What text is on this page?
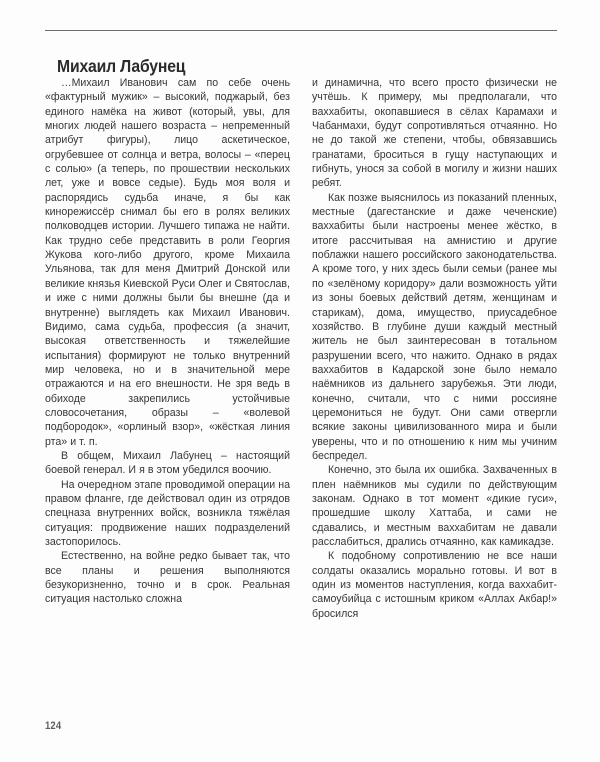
Михаил Лабунец

…Михаил Иванович сам по себе очень «фактурный мужик» – высокий, поджарый, без единого намёка на живот (который, увы, для многих людей нашего возраста – непременный атрибут фигуры), лицо аскетическое, огрубевшее от солнца и ветра, волосы – «перец с солью» (а теперь, по прошествии нескольких лет, уже и вовсе седые). Будь моя воля и распорядись судьба иначе, я бы как кинорежиссёр снимал бы его в ролях великих полководцев истории. Лучшего типажа не найти. Как трудно себе представить в роли Георгия Жукова кого-либо другого, кроме Михаила Ульянова, так для меня Дмитрий Донской или великие князья Киевской Руси Олег и Святослав, и иже с ними должны были бы внешне (да и внутренне) выглядеть как Михаил Иванович. Видимо, сама судьба, профессия (а значит, высокая ответственность и тяжелейшие испытания) формируют не только внутренний мир человека, но и в значительной мере отражаются и на его внешности. Не зря ведь в обиходе закрепились устойчивые словосочетания, образы – «волевой подбородок», «орлиный взор», «жёсткая линия рта» и т. п.

В общем, Михаил Лабунец – настоящий боевой генерал. И я в этом убедился воочию.

На очередном этапе проводимой операции на правом фланге, где действовал один из отрядов спецназа внутренних войск, возникла тяжёлая ситуация: продвижение наших подразделений застопорилось.

Естественно, на войне редко бывает так, что все планы и решения выполняются безукоризненно, точно и в срок. Реальная ситуация настолько сложна

и динамична, что всего просто физически не учтёшь. К примеру, мы предполагали, что ваххабиты, окопавшиеся в сёлах Карамахи и Чабанмахи, будут сопротивляться отчаянно. Но не до такой же степени, чтобы, обвязавшись гранатами, броситься в гущу наступающих и гибнуть, унося за собой в могилу и жизни наших ребят.

Как позже выяснилось из показаний пленных, местные (дагестанские и даже чеченские) ваххабиты были настроены менее жёстко, в итоге рассчитывая на амнистию и другие поблажки нашего российского законодательства. А кроме того, у них здесь были семьи (ранее мы по «зелёному коридору» дали возможность уйти из зоны боевых действий детям, женщинам и старикам), дома, имущество, приусадебное хозяйство. В глубине души каждый местный житель не был заинтересован в тотальном разрушении всего, что нажито. Однако в рядах ваххабитов в Кадарской зоне было немало наёмников из дальнего зарубежья. Эти люди, конечно, считали, что с ними россияне церемониться не будут. Они сами отвергли всякие законы цивилизованного мира и были уверены, что и по отношению к ним мы учиним беспредел.

Конечно, это была их ошибка. Захваченных в плен наёмников мы судили по действующим законам. Однако в тот момент «дикие гуси», прошедшие школу Хаттаба, и сами не сдавались, и местным ваххабитам не давали расслабиться, дрались отчаянно, как камикадзе.

К подобному сопротивлению не все наши солдаты оказались морально готовы. И вот в один из моментов наступления, когда ваххабит-самоубийца с истошным криком «Аллах Акбар!» бросился

124
